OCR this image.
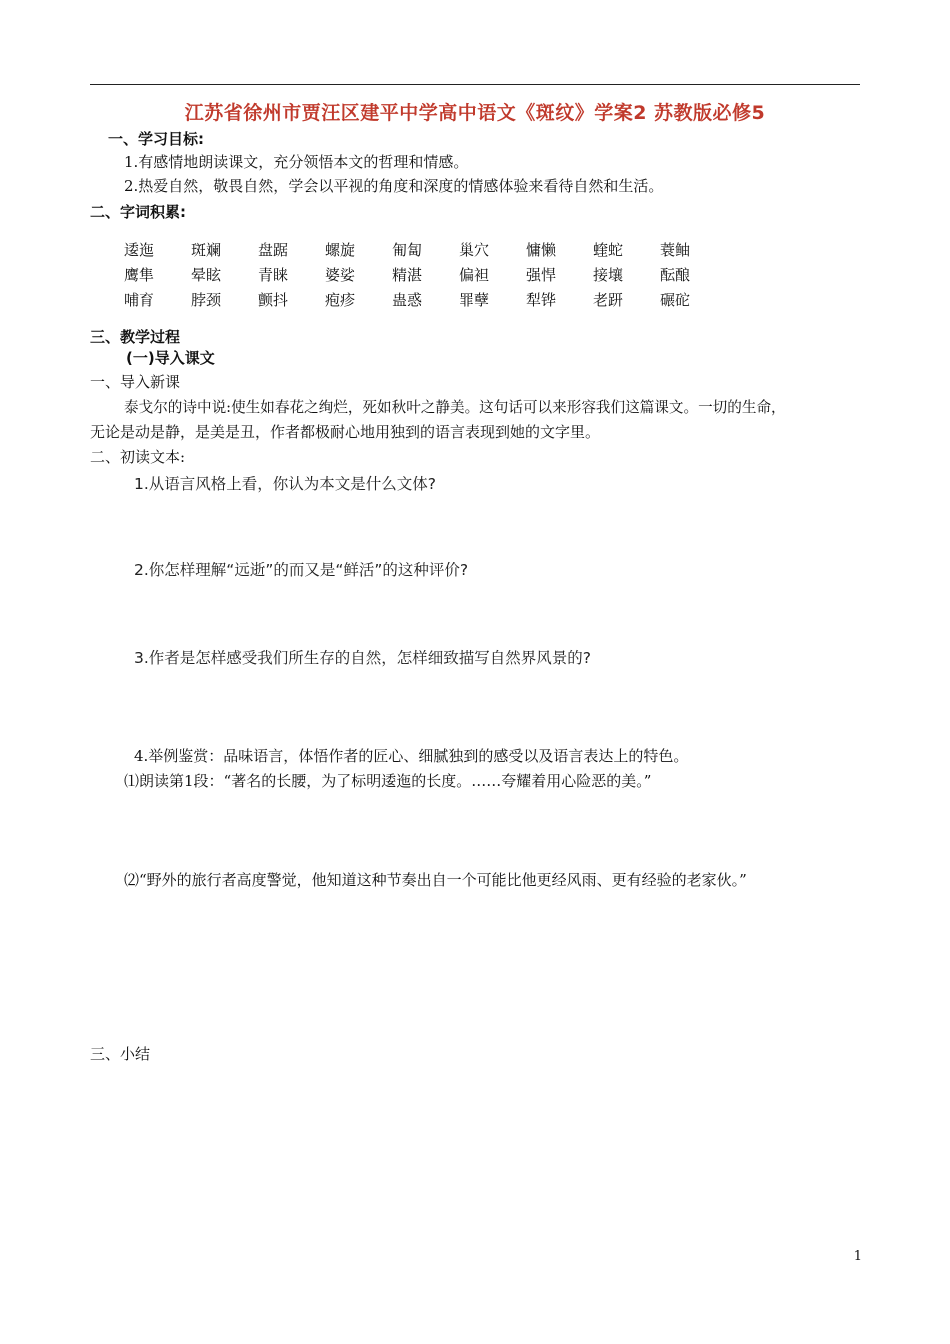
江苏省徐州市贾汪区建平中学高中语文《斑纹》学案2 苏教版必修5
一、学习目标:
1.有感情地朗读课文，充分领悟本文的哲理和情感。
2.热爱自然，敬畏自然，学会以平视的角度和深度的情感体验来看待自然和生活。
二、字词积累:
逶迤	斑斓	盘踞	螺旋	匍匐	巢穴	慵懒	蝰蛇	蓑鲉
鹰隼	晕眩	青睐	婆娑	精湛	偏袒	强悍	接壤	酝酿
哺育	脖颈	颤抖	疱疹	蛊惑	罪孽	犁铧	老趼	碾砣
三、教学过程
(一)导入课文
一、导入新课
泰戈尔的诗中说:使生如春花之绚烂，死如秋叶之静美。这句话可以来形容我们这篇课文。一切的生命，
无论是动是静，是美是丑，作者都极耐心地用独到的语言表现到她的文字里。
二、初读文本:
1.从语言风格上看，你认为本文是什么文体?
2.你怎样理解“远逝”的而又是“鲜活”的这种评价?
3.作者是怎样感受我们所生存的自然，怎样细致描写自然界风景的?
4.举例鉴赏：品味语言，体悟作者的匠心、细腻独到的感受以及语言表达上的特色。
⑴朗读第1段：“著名的长腰，为了标明逶迤的长度。……夸耀着用心险恶的美。”
⑵“野外的旅行者高度警觉，他知道这种节奏出自一个可能比他更经风雨、更有经验的老家伙。”
三、小结
1
